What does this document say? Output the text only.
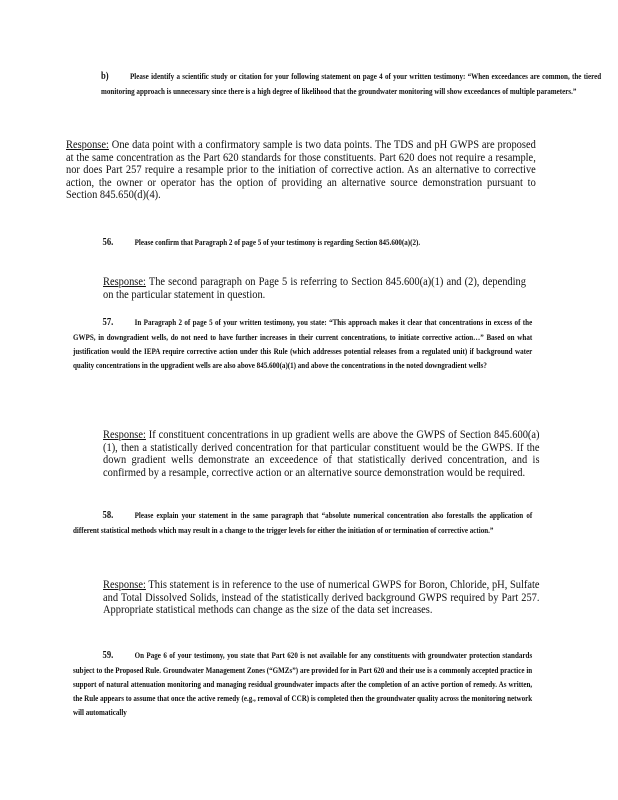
b) Please identify a scientific study or citation for your following statement on page 4 of your written testimony: “When exceedances are common, the tiered monitoring approach is unnecessary since there is a high degree of likelihood that the groundwater monitoring will show exceedances of multiple parameters.”
Response: One data point with a confirmatory sample is two data points. The TDS and pH GWPS are proposed at the same concentration as the Part 620 standards for those constituents. Part 620 does not require a resample, nor does Part 257 require a resample prior to the initiation of corrective action. As an alternative to corrective action, the owner or operator has the option of providing an alternative source demonstration pursuant to Section 845.650(d)(4).
56. Please confirm that Paragraph 2 of page 5 of your testimony is regarding Section 845.600(a)(2).
Response: The second paragraph on Page 5 is referring to Section 845.600(a)(1) and (2), depending on the particular statement in question.
57. In Paragraph 2 of page 5 of your written testimony, you state: “This approach makes it clear that concentrations in excess of the GWPS, in downgradient wells, do not need to have further increases in their current concentrations, to initiate corrective action…” Based on what justification would the IEPA require corrective action under this Rule (which addresses potential releases from a regulated unit) if background water quality concentrations in the upgradient wells are also above 845.600(a)(1) and above the concentrations in the noted downgradient wells?
Response: If constituent concentrations in up gradient wells are above the GWPS of Section 845.600(a)(1), then a statistically derived concentration for that particular constituent would be the GWPS. If the down gradient wells demonstrate an exceedence of that statistically derived concentration, and is confirmed by a resample, corrective action or an alternative source demonstration would be required.
58. Please explain your statement in the same paragraph that “absolute numerical concentration also forestalls the application of different statistical methods which may result in a change to the trigger levels for either the initiation of or termination of corrective action.”
Response: This statement is in reference to the use of numerical GWPS for Boron, Chloride, pH, Sulfate and Total Dissolved Solids, instead of the statistically derived background GWPS required by Part 257. Appropriate statistical methods can change as the size of the data set increases.
59. On Page 6 of your testimony, you state that Part 620 is not available for any constituents with groundwater protection standards subject to the Proposed Rule. Groundwater Management Zones (“GMZs”) are provided for in Part 620 and their use is a commonly accepted practice in support of natural attenuation monitoring and managing residual groundwater impacts after the completion of an active portion of remedy. As written, the Rule appears to assume that once the active remedy (e.g., removal of CCR) is completed then the groundwater quality across the monitoring network will automatically
